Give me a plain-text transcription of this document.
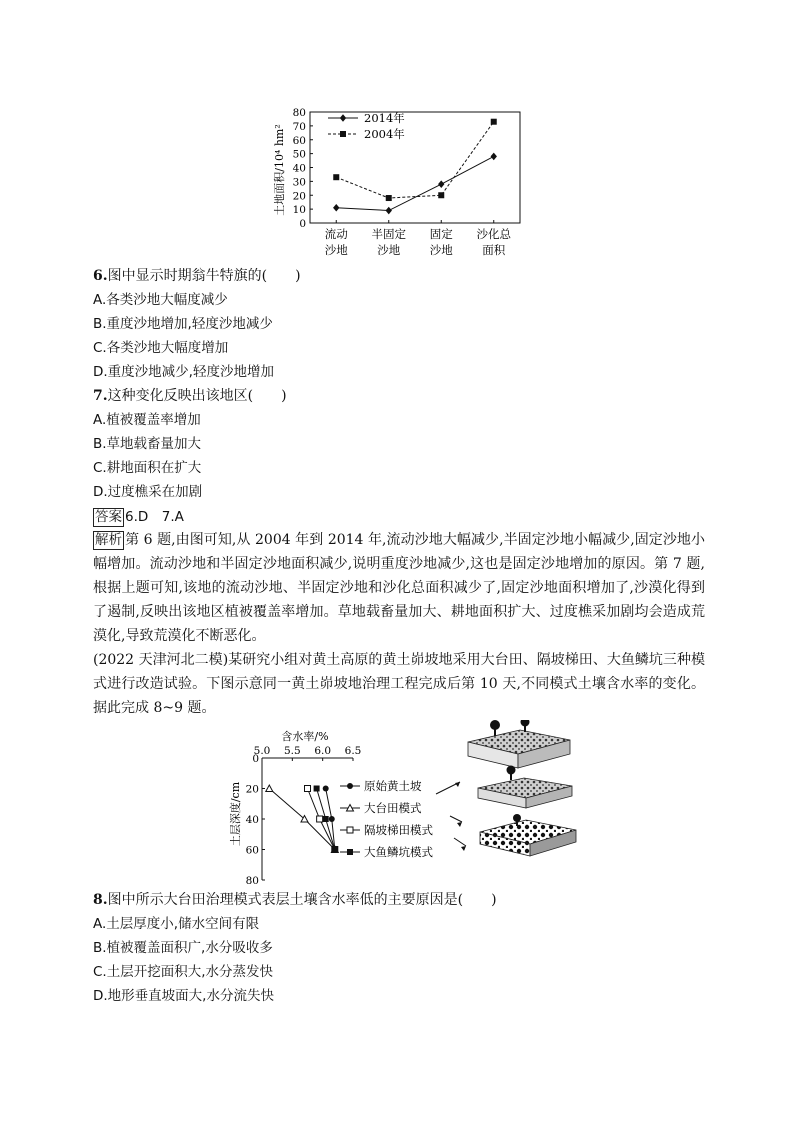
0
10
20
30
40
50
60
70
80
流动
沙地
半固定
沙地
固定
沙地
沙化总
面积
2014年
2004年
土地面积/10⁴ hm²
6.图中显示时期翁牛特旗的(　　)
A.各类沙地大幅度减少
B.重度沙地增加,轻度沙地减少
C.各类沙地大幅度增加
D.重度沙地减少,轻度沙地增加
7.这种变化反映出该地区(　　)
A.植被覆盖率增加
B.草地载畜量加大
C.耕地面积在扩大
D.过度樵采在加剧
答案 6.D　7.A
解析 第 6 题,由图可知,从 2004 年到 2014 年,流动沙地大幅减少,半固定沙地小幅减少,固定沙地小幅增加。流动沙地和半固定沙地面积减少,说明重度沙地减少,这也是固定沙地增加的原因。第 7 题,根据上题可知,该地的流动沙地、半固定沙地和沙化总面积减少了,固定沙地面积增加了,沙漠化得到了遏制,反映出该地区植被覆盖率增加。草地载畜量加大、耕地面积扩大、过度樵采加剧均会造成荒漠化,导致荒漠化不断恶化。
(2022 天津河北二模)某研究小组对黄土高原的黄土峁坡地采用大台田、隔坡梯田、大鱼鳞坑三种模式进行改造试验。下图示意同一黄土峁坡地治理工程完成后第 10 天,不同模式土壤含水率的变化。据此完成 8~9 题。
5.0 5.5 6.0 6.5
0
20
40
60
80
含水率/%
土层深度/cm
8.图中所示大台田治理模式表层土壤含水率低的主要原因是(　　)
A.土层厚度小,储水空间有限
B.植被覆盖面积广,水分吸收多
C.土层开挖面积大,水分蒸发快
D.地形垂直坡面大,水分流失快
原始黄土坡
大台田模式
隔坡梯田模式
大鱼鳞坑模式
